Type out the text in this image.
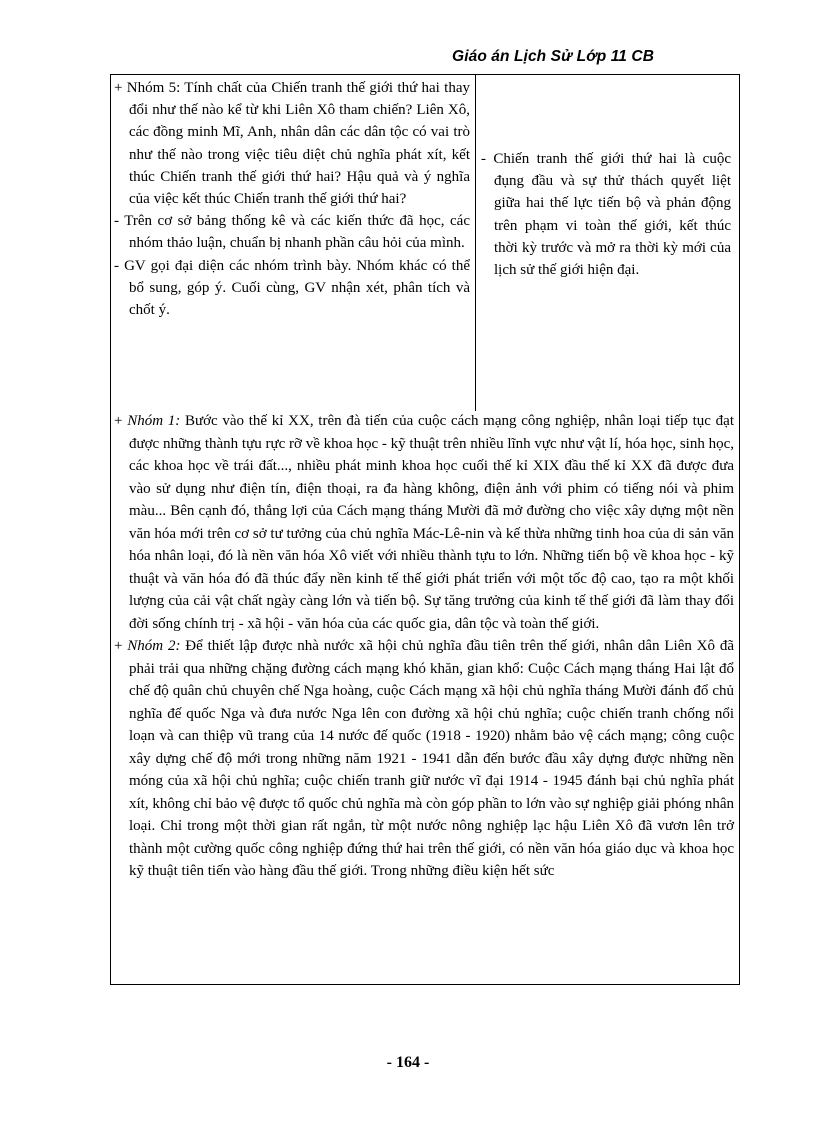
Giáo án Lịch Sử Lớp 11 CB

+ Nhóm 5: Tính chất của Chiến tranh thế giới thứ hai thay đổi như thế nào kể từ khi Liên Xô tham chiến? Liên Xô, các đồng minh Mĩ, Anh, nhân dân các dân tộc có vai trò như thế nào trong việc tiêu diệt chủ nghĩa phát xít, kết thúc Chiến tranh thế giới thứ hai? Hậu quả và ý nghĩa của việc kết thúc Chiến tranh thế giới thứ hai?

- Trên cơ sở bảng thống kê và các kiến thức đã học, các nhóm thảo luận, chuẩn bị nhanh phần câu hỏi của mình.

- GV gọi đại diện các nhóm trình bày. Nhóm khác có thể bổ sung, góp ý. Cuối cùng, GV nhận xét, phân tích và chốt ý.

- Chiến tranh thế giới thứ hai là cuộc đụng đầu và sự thử thách quyết liệt giữa hai thế lực tiến bộ và phản động trên phạm vi toàn thế giới, kết thúc thời kỳ trước và mở ra thời kỳ mới của lịch sử thế giới hiện đại.

+ Nhóm 1: Bước vào thế kỉ XX, trên đà tiến của cuộc cách mạng công nghiệp, nhân loại tiếp tục đạt được những thành tựu rực rỡ về khoa học - kỹ thuật trên nhiều lĩnh vực như vật lí, hóa học, sinh học, các khoa học về trái đất..., nhiều phát minh khoa học cuối thế kỉ XIX đầu thế kỉ XX đã được đưa vào sử dụng như điện tín, điện thoại, ra đa hàng không, điện ảnh với phim có tiếng nói và phim màu... Bên cạnh đó, thắng lợi của Cách mạng tháng Mười đã mở đường cho việc xây dựng một nền văn hóa mới trên cơ sở tư tưởng của chủ nghĩa Mác-Lê-nin và kế thừa những tinh hoa của di sản văn hóa nhân loại, đó là nền văn hóa Xô viết với nhiều thành tựu to lớn. Những tiến bộ về khoa học - kỹ thuật và văn hóa đó đã thúc đẩy nền kinh tế thế giới phát triển với một tốc độ cao, tạo ra một khối lượng của cải vật chất ngày càng lớn và tiến bộ. Sự tăng trưởng của kinh tế thế giới đã làm thay đổi đời sống chính trị - xã hội - văn hóa của các quốc gia, dân tộc và toàn thế giới.

+ Nhóm 2: Để thiết lập được nhà nước xã hội chủ nghĩa đầu tiên trên thế giới, nhân dân Liên Xô đã phải trải qua những chặng đường cách mạng khó khăn, gian khổ: Cuộc Cách mạng tháng Hai lật đổ chế độ quân chủ chuyên chế Nga hoàng, cuộc Cách mạng xã hội chủ nghĩa tháng Mười đánh đổ chủ nghĩa đế quốc Nga và đưa nước Nga lên con đường xã hội chủ nghĩa; cuộc chiến tranh chống nổi loạn và can thiệp vũ trang của 14 nước đế quốc (1918 - 1920) nhằm bảo vệ cách mạng; công cuộc xây dựng chế độ mới trong những năm 1921 - 1941 dẫn đến bước đầu xây dựng được những nền móng của xã hội chủ nghĩa; cuộc chiến tranh giữ nước vĩ đại 1914 - 1945 đánh bại chủ nghĩa phát xít, không chỉ bảo vệ được tổ quốc chủ nghĩa mà còn góp phần to lớn vào sự nghiệp giải phóng nhân loại. Chỉ trong một thời gian rất ngắn, từ một nước nông nghiệp lạc hậu Liên Xô đã vươn lên trở thành một cường quốc công nghiệp đứng thứ hai trên thế giới, có nền văn hóa giáo dục và khoa học kỹ thuật tiên tiến vào hàng đầu thế giới. Trong những điều kiện hết sức

- 164 -
